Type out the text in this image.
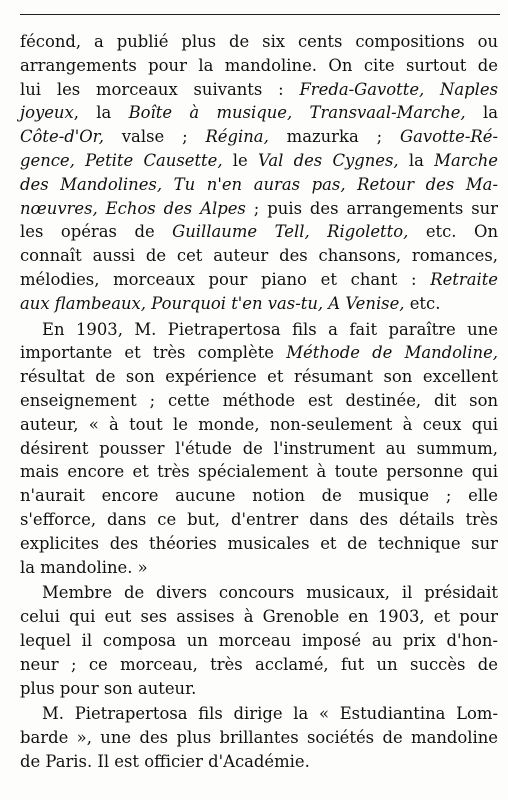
fécond, a publié plus de six cents compositions ou
arrangements pour la mandoline. On cite surtout de
lui les morceaux suivants : Freda-Gavotte, Naples
joyeux, la Boîte à musique, Transvaal-Marche, la
Côte-d'Or, valse ; Régina, mazurka ; Gavotte-Ré-
gence, Petite Causette, le Val des Cygnes, la Marche
des Mandolines, Tu n'en auras pas, Retour des Ma-
nœuvres, Echos des Alpes ; puis des arrangements sur
les opéras de Guillaume Tell, Rigoletto, etc. On
connaît aussi de cet auteur des chansons, romances,
mélodies, morceaux pour piano et chant : Retraite
aux flambeaux, Pourquoi t'en vas-tu, A Venise, etc.
En 1903, M. Pietrapertosa fils a fait paraître une
importante et très complète Méthode de Mandoline,
résultat de son expérience et résumant son excellent
enseignement ; cette méthode est destinée, dit son
auteur, « à tout le monde, non-seulement à ceux qui
désirent pousser l'étude de l'instrument au summum,
mais encore et très spécialement à toute personne qui
n'aurait encore aucune notion de musique ; elle
s'efforce, dans ce but, d'entrer dans des détails très
explicites des théories musicales et de technique sur
la mandoline. »
Membre de divers concours musicaux, il présidait
celui qui eut ses assises à Grenoble en 1903, et pour
lequel il composa un morceau imposé au prix d'hon-
neur ; ce morceau, très acclamé, fut un succès de
plus pour son auteur.
M. Pietrapertosa fils dirige la « Estudiantina Lom-
barde », une des plus brillantes sociétés de mandoline
de Paris. Il est officier d'Académie.
